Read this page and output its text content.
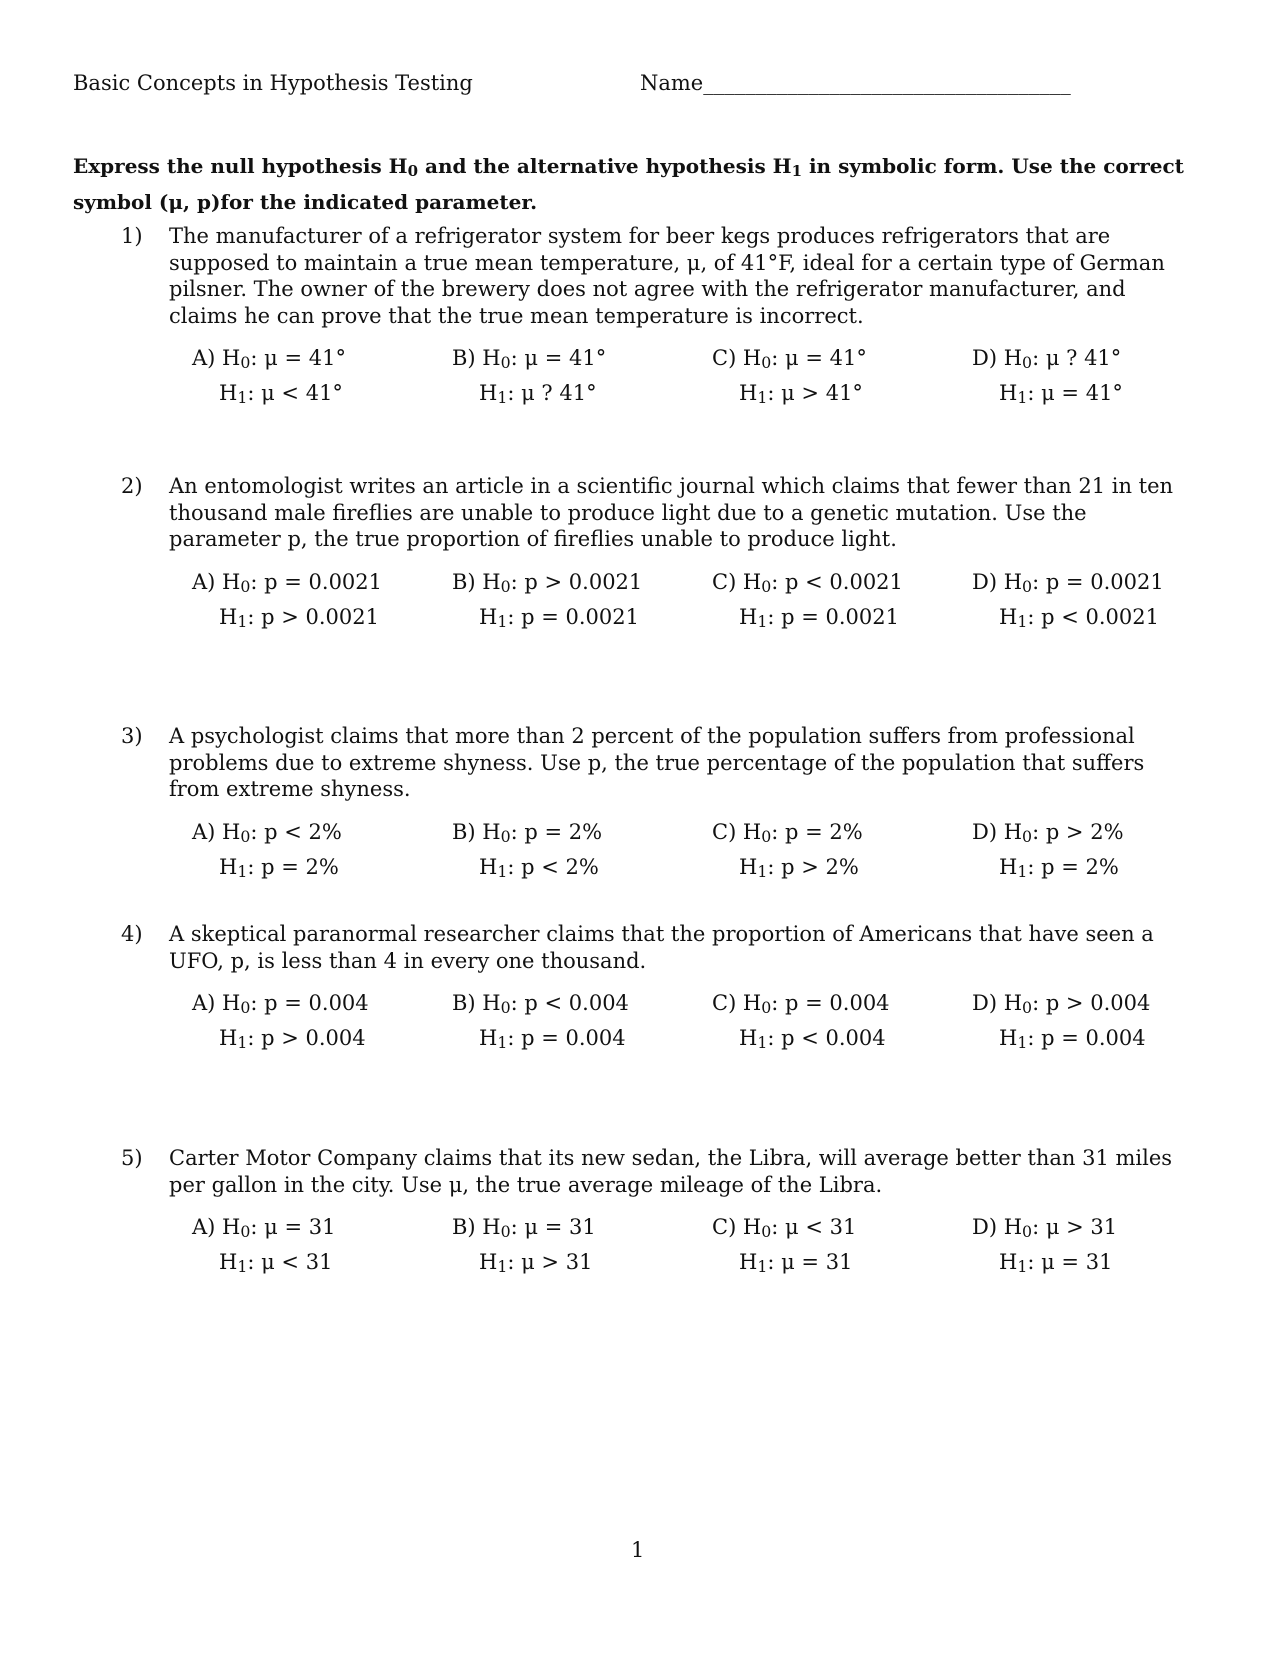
Basic Concepts in Hypothesis Testing	Name___________________________________
Express the null hypothesis $H_0$ and the alternative hypothesis $H_1$ in symbolic form. Use the correct symbol (μ, p)for the indicated parameter.
1) The manufacturer of a refrigerator system for beer kegs produces refrigerators that are supposed to maintain a true mean temperature, μ, of 41°F, ideal for a certain type of German pilsner. The owner of the brewery does not agree with the refrigerator manufacturer, and claims he can prove that the true mean temperature is incorrect.
A) $H_0$: μ = 41°
$H_1$: μ < 41°
B) $H_0$: μ = 41°
$H_1$: μ ? 41°
C) $H_0$: μ = 41°
$H_1$: μ > 41°
D) $H_0$: μ ? 41°
$H_1$: μ = 41°
2) An entomologist writes an article in a scientific journal which claims that fewer than 21 in ten thousand male fireflies are unable to produce light due to a genetic mutation. Use the parameter p, the true proportion of fireflies unable to produce light.
A) $H_0$: p = 0.0021
$H_1$: p > 0.0021
B) $H_0$: p > 0.0021
$H_1$: p = 0.0021
C) $H_0$: p < 0.0021
$H_1$: p = 0.0021
D) $H_0$: p = 0.0021
$H_1$: p < 0.0021
3) A psychologist claims that more than 2 percent of the population suffers from professional problems due to extreme shyness. Use p, the true percentage of the population that suffers from extreme shyness.
A) $H_0$: p < 2%
$H_1$: p = 2%
B) $H_0$: p = 2%
$H_1$: p < 2%
C) $H_0$: p = 2%
$H_1$: p > 2%
D) $H_0$: p > 2%
$H_1$: p = 2%
4) A skeptical paranormal researcher claims that the proportion of Americans that have seen a UFO, p, is less than 4 in every one thousand.
A) $H_0$: p = 0.004
$H_1$: p > 0.004
B) $H_0$: p < 0.004
$H_1$: p = 0.004
C) $H_0$: p = 0.004
$H_1$: p < 0.004
D) $H_0$: p > 0.004
$H_1$: p = 0.004
5) Carter Motor Company claims that its new sedan, the Libra, will average better than 31 miles per gallon in the city. Use μ, the true average mileage of the Libra.
A) $H_0$: μ = 31
$H_1$: μ < 31
B) $H_0$: μ = 31
$H_1$: μ > 31
C) $H_0$: μ < 31
$H_1$: μ = 31
D) $H_0$: μ > 31
$H_1$: μ = 31
1
